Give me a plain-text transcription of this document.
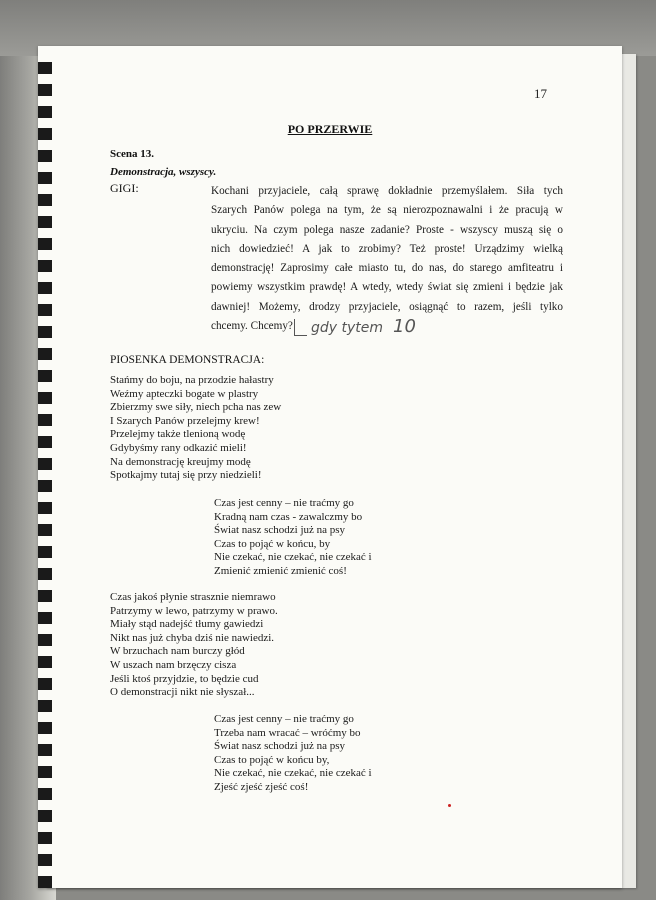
17
PO PRZERWIE
Scena 13.
Demonstracja, wszyscy.
GIGI:	Kochani przyjaciele, całą sprawę dokładnie przemyślałem. Siła tych
Szarych Panów polega na tym, że są nierozpoznawalni i że pracują w
ukryciu. Na czym polega nasze zadanie? Proste - wszyscy muszą się o
nich dowiedzieć! A jak to zrobimy? Też proste! Urządzimy wielką
demonstrację! Zaprosimy całe miasto tu, do nas, do starego amfiteatru i
powiemy wszystkim prawdę! A wtedy, wtedy świat się zmieni i będzie jak
dawniej! Możemy, drodzy przyjaciele, osiągnąć to razem, jeśli tylko
chcemy. Chcemy?	gdy tytem 10
PIOSENKA DEMONSTRACJA:
Stańmy do boju, na przodzie hałastry
Weźmy apteczki bogate w plastry
Zbierzmy swe siły, niech pcha nas zew
I Szarych Panów przelejmy krew!
Przelejmy także tlenioną wodę
Gdybyśmy rany odkazić mieli!
Na demonstrację kreujmy modę
Spotkajmy tutaj się przy niedzieli!
Czas jest cenny – nie traćmy go
Kradną nam czas - zawalczmy bo
Świat nasz schodzi już na psy
Czas to pojąć w końcu, by
Nie czekać, nie czekać, nie czekać i
Zmienić zmienić zmienić coś!
Czas jakoś płynie strasznie niemrawo
Patrzymy w lewo, patrzymy w prawo.
Miały stąd nadejść tłumy gawiedzi
Nikt nas już chyba dziś nie nawiedzi.
W brzuchach nam burczy głód
W uszach nam brzęczy cisza
Jeśli ktoś przyjdzie, to będzie cud
O demonstracji nikt nie słyszał...
Czas jest cenny – nie traćmy go
Trzeba nam wracać – wróćmy bo
Świat nasz schodzi już na psy
Czas to pojąć w końcu by,
Nie czekać, nie czekać, nie czekać i
Zjeść zjeść zjeść coś!
